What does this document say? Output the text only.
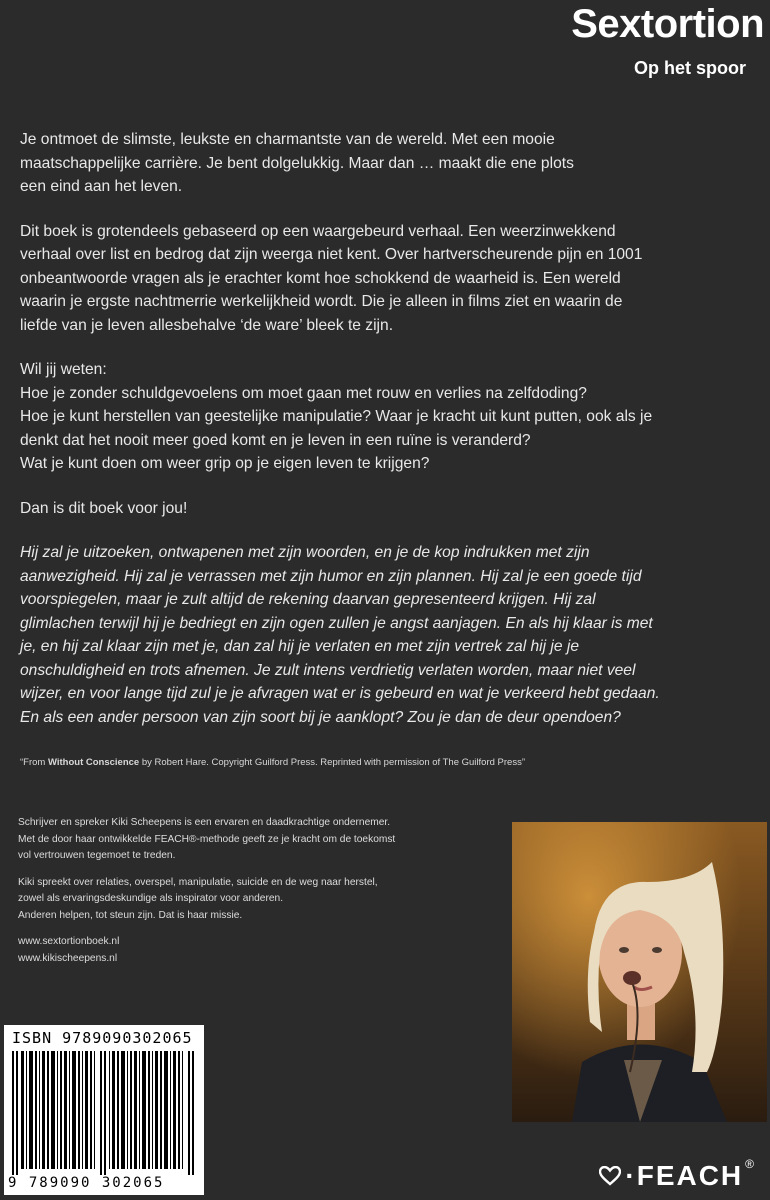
Sextortion
Op het spoor

Je ontmoet de slimste, leukste en charmantste van de wereld. Met een mooie
maatschappelijke carrière. Je bent dolgelukkig. Maar dan … maakt die ene plots
een eind aan het leven.

Dit boek is grotendeels gebaseerd op een waargebeurd verhaal. Een weerzinwekkend
verhaal over list en bedrog dat zijn weerga niet kent. Over hartverscheurende pijn en 1001
onbeantwoorde vragen als je erachter komt hoe schokkend de waarheid is. Een wereld
waarin je ergste nachtmerrie werkelijkheid wordt. Die je alleen in films ziet en waarin de
liefde van je leven allesbehalve ‘de ware’ bleek te zijn.

Wil jij weten:
Hoe je zonder schuldgevoelens om moet gaan met rouw en verlies na zelfdoding?
Hoe je kunt herstellen van geestelijke manipulatie? Waar je kracht uit kunt putten, ook als je
denkt dat het nooit meer goed komt en je leven in een ruïne is veranderd?
Wat je kunt doen om weer grip op je eigen leven te krijgen?

Dan is dit boek voor jou!

Hij zal je uitzoeken, ontwapenen met zijn woorden, en je de kop indrukken met zijn
aanwezigheid. Hij zal je verrassen met zijn humor en zijn plannen. Hij zal je een goede tijd
voorspiegelen, maar je zult altijd de rekening daarvan gepresenteerd krijgen. Hij zal
glimlachen terwijl hij je bedriegt en zijn ogen zullen je angst aanjagen. En als hij klaar is met
je, en hij zal klaar zijn met je, dan zal hij je verlaten en met zijn vertrek zal hij je je
onschuldigheid en trots afnemen. Je zult intens verdrietig verlaten worden, maar niet veel
wijzer, en voor lange tijd zul je je afvragen wat er is gebeurd en wat je verkeerd hebt gedaan.
En als een ander persoon van zijn soort bij je aanklopt? Zou je dan de deur opendoen?

“From Without Conscience by Robert Hare. Copyright Guilford Press. Reprinted with permission of The Guilford Press”

Schrijver en spreker Kiki Scheepens is een ervaren en daadkrachtige ondernemer.
Met de door haar ontwikkelde FEACH®-methode geeft ze je kracht om de toekomst
vol vertrouwen tegemoet te treden.

Kiki spreekt over relaties, overspel, manipulatie, suicide en de weg naar herstel,
zowel als ervaringsdeskundige als inspirator voor anderen.
Anderen helpen, tot steun zijn. Dat is haar missie.

www.sextortionboek.nl
www.kikischeepens.nl

ISBN 9789090302065
9 789090 302065	·FEACH ®
